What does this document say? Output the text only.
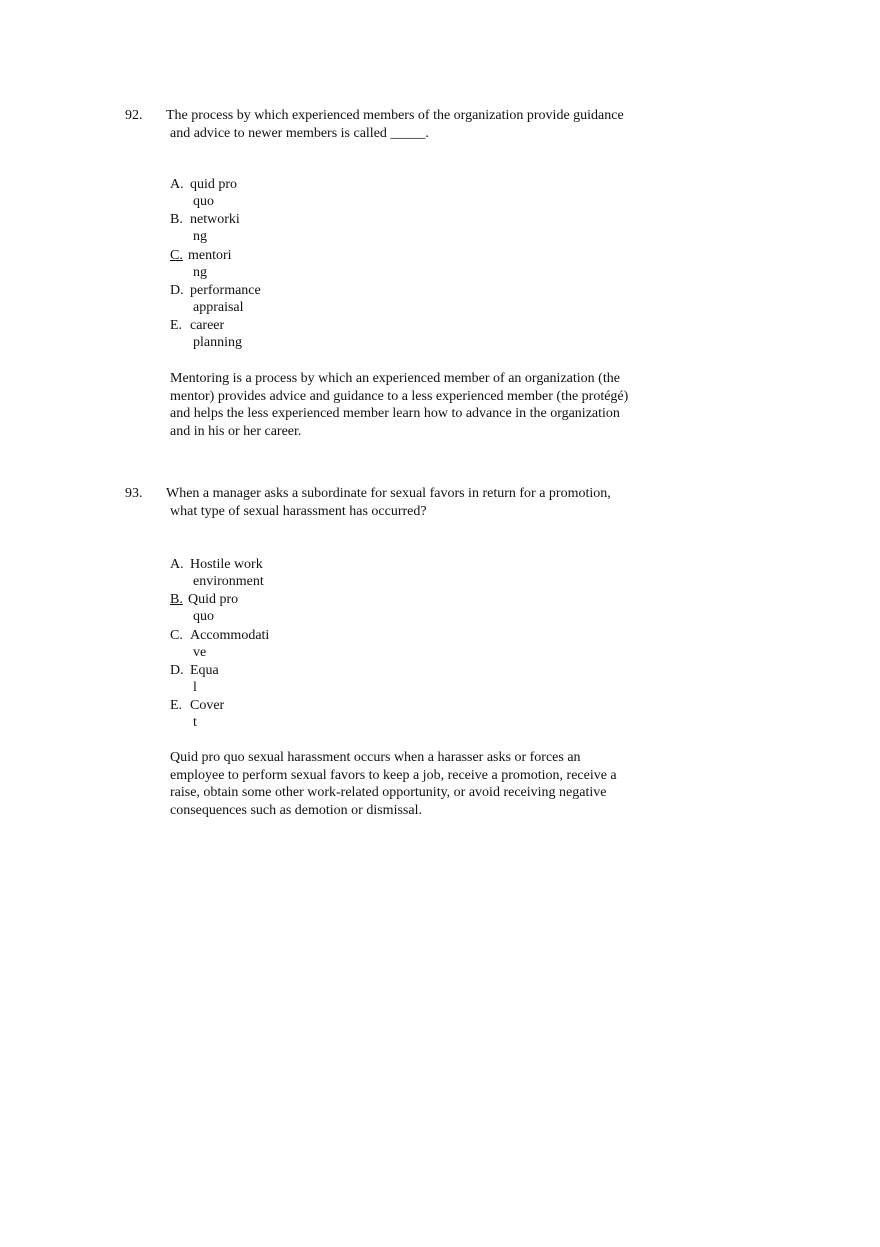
92. The process by which experienced members of the organization provide guidance
and advice to newer members is called _____.
A. quid pro
quo
B. networki
ng
C. mentori
ng
D. performance
appraisal
E. career
planning
Mentoring is a process by which an experienced member of an organization (the
mentor) provides advice and guidance to a less experienced member (the protégé)
and helps the less experienced member learn how to advance in the organization
and in his or her career.
93. When a manager asks a subordinate for sexual favors in return for a promotion,
what type of sexual harassment has occurred?
A. Hostile work
environment
B. Quid pro
quo
C. Accommodati
ve
D. Equa
l
E. Cover
t
Quid pro quo sexual harassment occurs when a harasser asks or forces an
employee to perform sexual favors to keep a job, receive a promotion, receive a
raise, obtain some other work-related opportunity, or avoid receiving negative
consequences such as demotion or dismissal.
